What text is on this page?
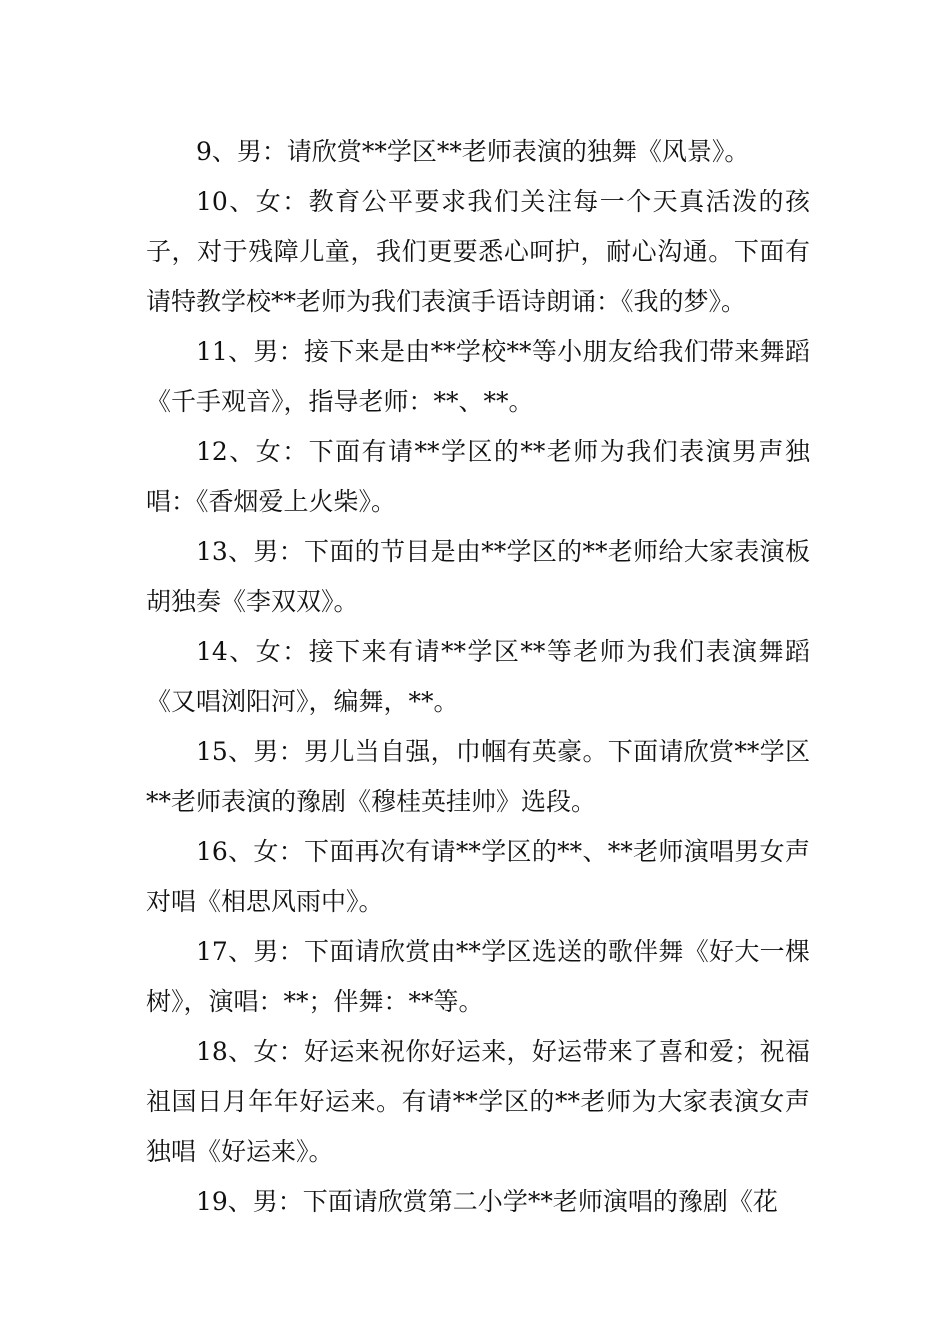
9、男：请欣赏**学区**老师表演的独舞《风景》。

10、女：教育公平要求我们关注每一个天真活泼的孩子，对于残障儿童，我们更要悉心呵护，耐心沟通。下面有请特教学校**老师为我们表演手语诗朗诵：《我的梦》。

11、男：接下来是由**学校**等小朋友给我们带来舞蹈《千手观音》，指导老师：**、**。

12、女：下面有请**学区的**老师为我们表演男声独唱：《香烟爱上火柴》。

13、男：下面的节目是由**学区的**老师给大家表演板胡独奏《李双双》。

14、女：接下来有请**学区**等老师为我们表演舞蹈《又唱浏阳河》，编舞，**。

15、男：男儿当自强，巾帼有英豪。下面请欣赏**学区**老师表演的豫剧《穆桂英挂帅》选段。

16、女：下面再次有请**学区的**、**老师演唱男女声对唱《相思风雨中》。

17、男：下面请欣赏由**学区选送的歌伴舞《好大一棵树》，演唱：**；伴舞：**等。

18、女：好运来祝你好运来，好运带来了喜和爱；祝福祖国日月年年好运来。有请**学区的**老师为大家表演女声独唱《好运来》。

19、男：下面请欣赏第二小学**老师演唱的豫剧《花
